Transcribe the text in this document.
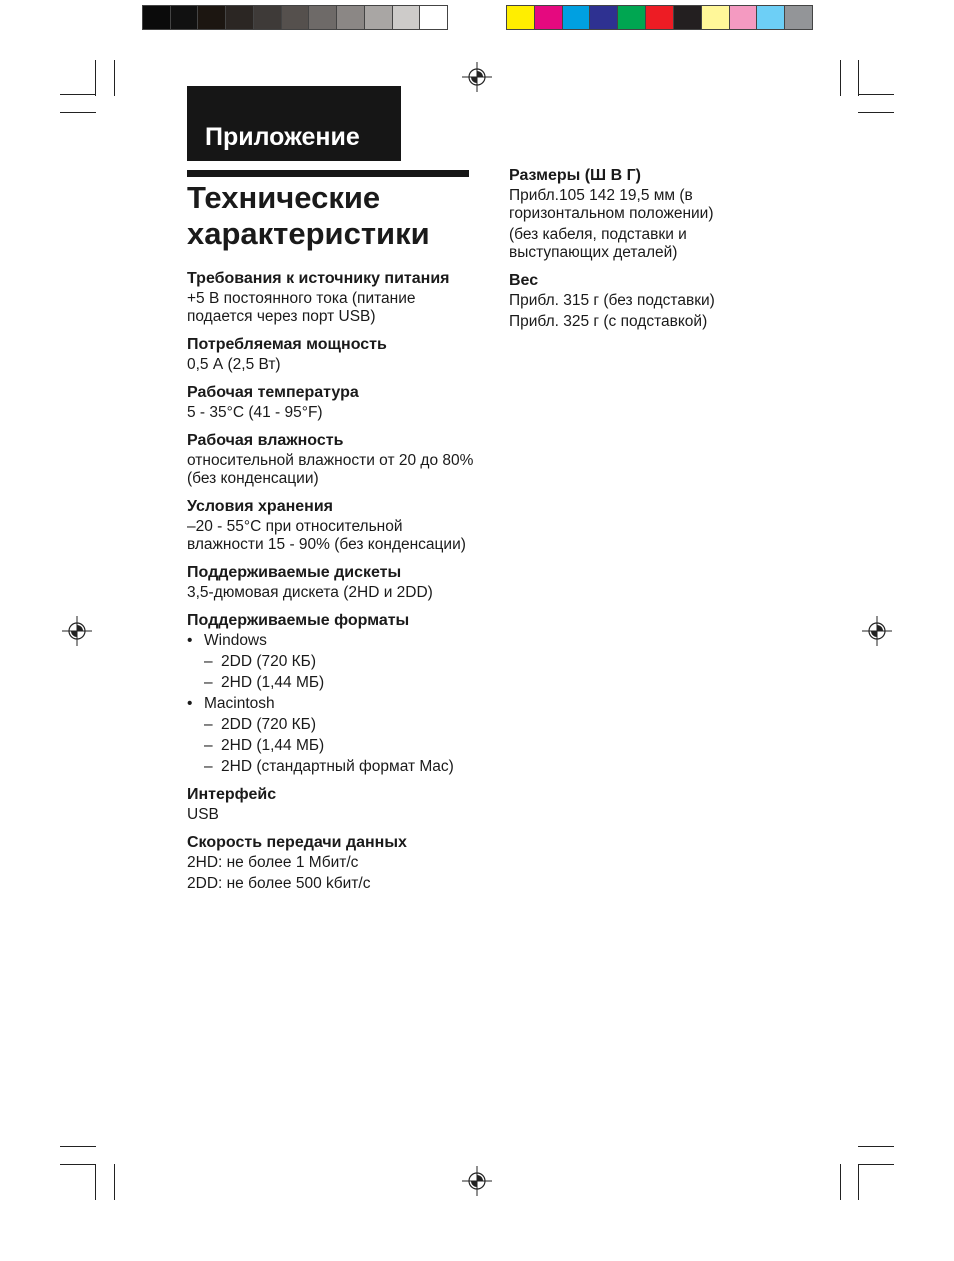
Приложение
Технические характеристики
Требования к источнику питания

+5 В постоянного тока (питание подается через порт USB)

Потребляемая мощность

0,5 А (2,5 Вт)

Рабочая температура

5 - 35°C (41 - 95°F)

Рабочая влажность

относительной влажности от 20 до 80% (без конденсации)

Условия хранения

–20 - 55°C при относительной влажности 15 - 90% (без конденсации)

Поддерживаемые дискеты

3,5-дюмовая дискета (2HD и 2DD)

Поддерживаемые форматы
• Windows
– 2DD (720 КБ)
– 2HD (1,44 МБ)
• Macintosh
– 2DD (720 КБ)
– 2HD (1,44 МБ)
– 2HD (стандартный формат Mac)
Интерфейс

USB

Скорость передачи данных

2HD: не более 1 Мбит/с

2DD: не более 500 kбит/с

Размеры (Ш В Г)

Прибл.105 142 19,5 мм (в горизонтальном положении)

(без кабеля, подставки и выступающих деталей)

Вес

Прибл. 315 г (без подставки)

Прибл. 325 г (с подставкой)
